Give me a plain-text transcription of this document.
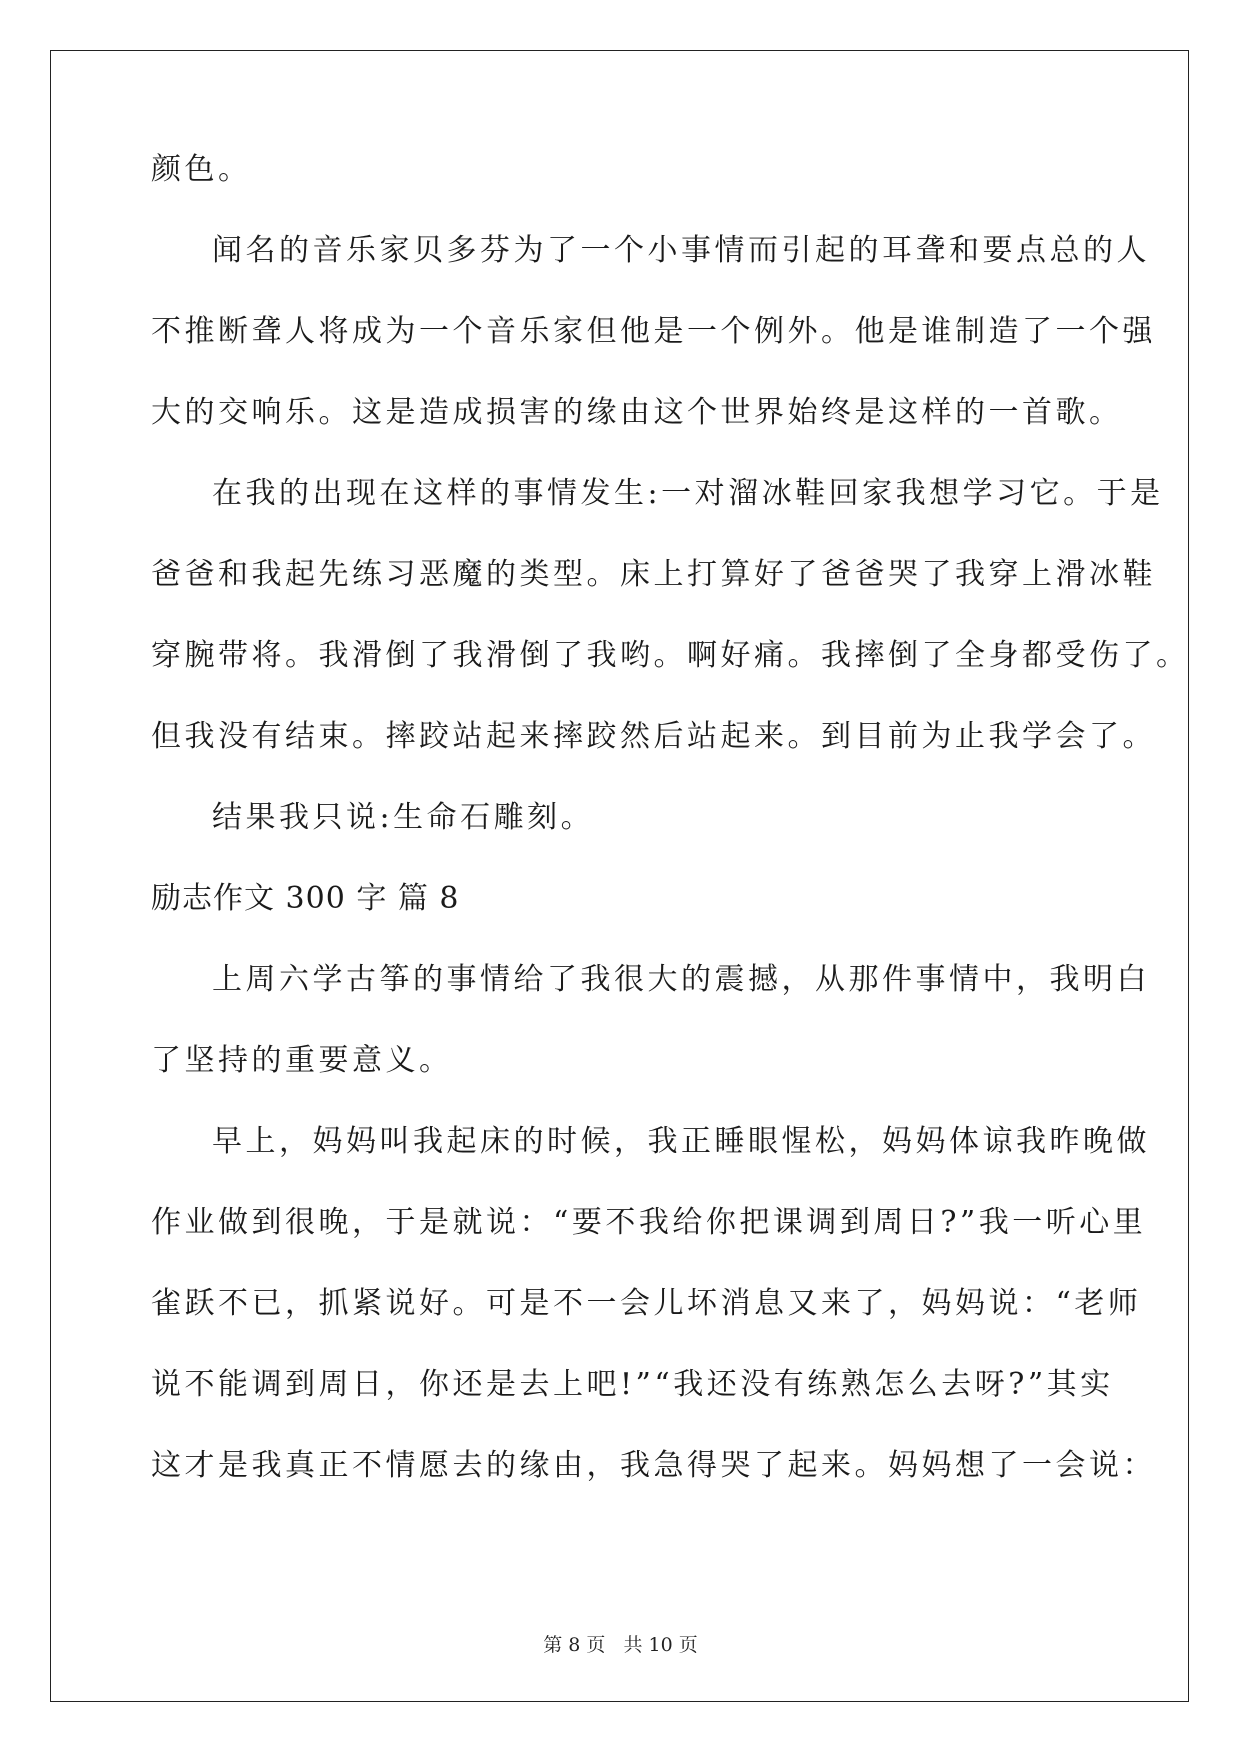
颜色。
闻名的音乐家贝多芬为了一个小事情而引起的耳聋和要点总的人
不推断聋人将成为一个音乐家但他是一个例外。他是谁制造了一个强
大的交响乐。这是造成损害的缘由这个世界始终是这样的一首歌。
在我的出现在这样的事情发生:一对溜冰鞋回家我想学习它。于是
爸爸和我起先练习恶魔的类型。床上打算好了爸爸哭了我穿上滑冰鞋
穿腕带将。我滑倒了我滑倒了我哟。啊好痛。我摔倒了全身都受伤了。
但我没有结束。摔跤站起来摔跤然后站起来。到目前为止我学会了。
结果我只说:生命石雕刻。
励志作文 300 字 篇 8
上周六学古筝的事情给了我很大的震撼，从那件事情中，我明白
了坚持的重要意义。
早上，妈妈叫我起床的时候，我正睡眼惺松，妈妈体谅我昨晚做
作业做到很晚，于是就说：“要不我给你把课调到周日?”我一听心里
雀跃不已，抓紧说好。可是不一会儿坏消息又来了，妈妈说：“老师
说不能调到周日，你还是去上吧!”“我还没有练熟怎么去呀?”其实
这才是我真正不情愿去的缘由，我急得哭了起来。妈妈想了一会说：
第 8 页 共 10 页
